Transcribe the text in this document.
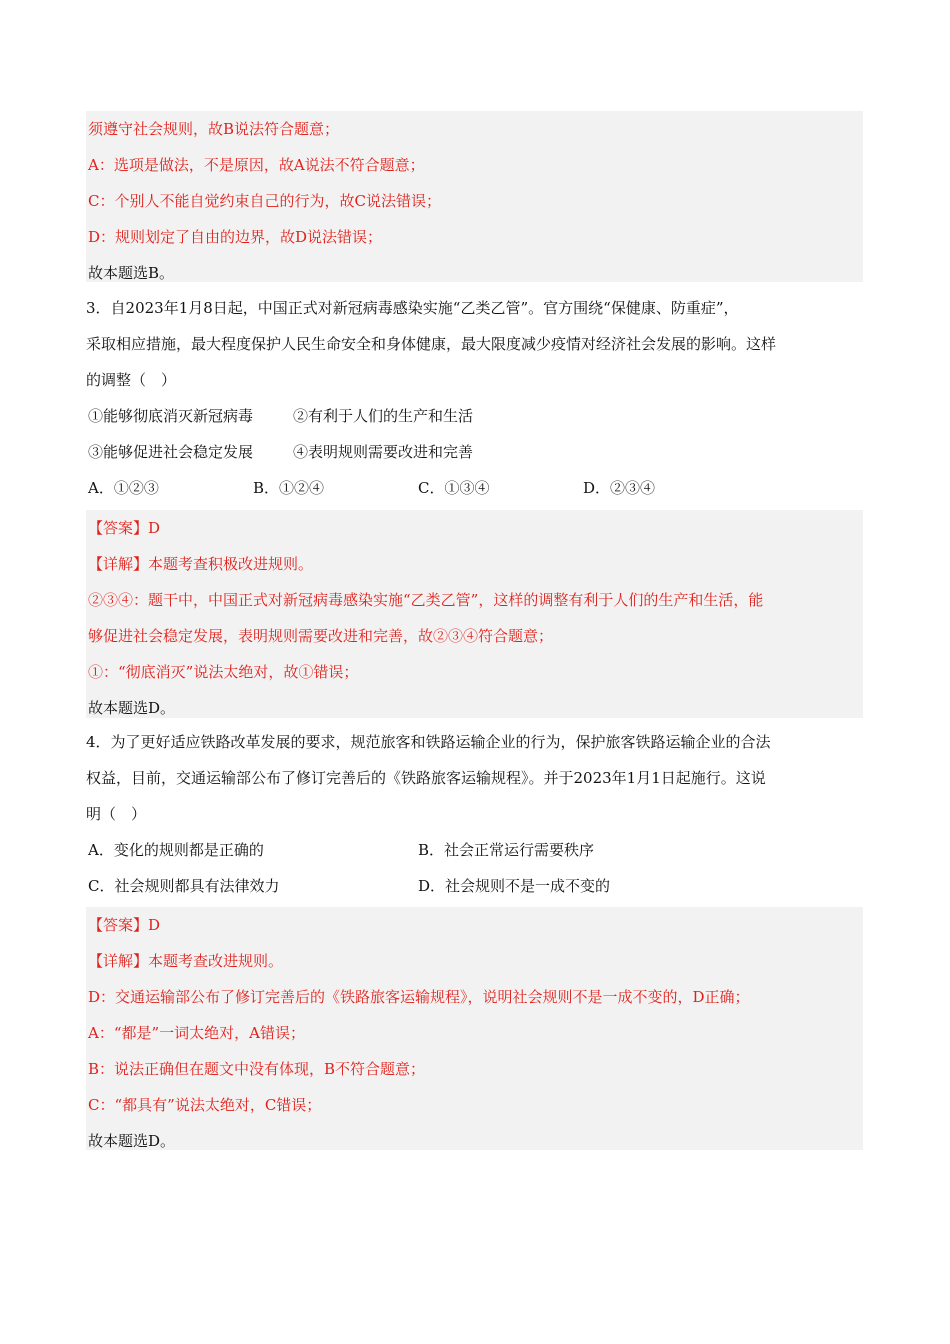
须遵守社会规则，故B说法符合题意；
A：选项是做法，不是原因，故A说法不符合题意；
C：个别人不能自觉约束自己的行为，故C说法错误；
D：规则划定了自由的边界，故D说法错误；
故本题选B。
3．自2023年1月8日起，中国正式对新冠病毒感染实施“乙类乙管”。官方围绕“保健康、防重症”，
采取相应措施，最大程度保护人民生命安全和身体健康，最大限度减少疫情对经济社会发展的影响。这样
的调整（　）
①能够彻底消灭新冠病毒	②有利于人们的生产和生活
③能够促进社会稳定发展	④表明规则需要改进和完善
A．①②③	B．①②④	C．①③④	D．②③④
【答案】D
【详解】本题考查积极改进规则。
②③④：题干中，中国正式对新冠病毒感染实施“乙类乙管”，这样的调整有利于人们的生产和生活，能
够促进社会稳定发展，表明规则需要改进和完善，故②③④符合题意；
①：“彻底消灭”说法太绝对，故①错误；
故本题选D。
4．为了更好适应铁路改革发展的要求，规范旅客和铁路运输企业的行为，保护旅客铁路运输企业的合法
权益，目前，交通运输部公布了修订完善后的《铁路旅客运输规程》。并于2023年1月1日起施行。这说
明（　）
A．变化的规则都是正确的	B．社会正常运行需要秩序
C．社会规则都具有法律效力	D．社会规则不是一成不变的
【答案】D
【详解】本题考查改进规则。
D：交通运输部公布了修订完善后的《铁路旅客运输规程》，说明社会规则不是一成不变的，D正确；
A：“都是”一词太绝对，A错误；
B：说法正确但在题文中没有体现，B不符合题意；
C：“都具有”说法太绝对，C错误；
故本题选D。
